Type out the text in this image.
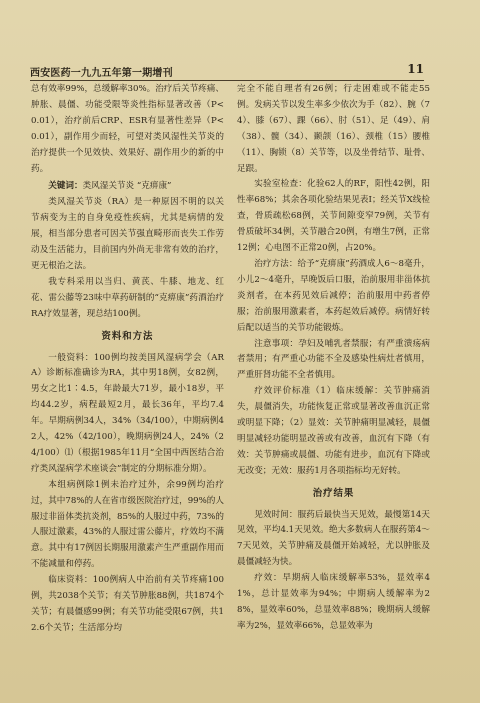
西安医药一九九五年第一期增刊	11

总有效率99%，总缓解率30%。治疗后关节疼痛、肿胀、晨僵、功能受限等炎性指标显著改善（P<0.01），治疗前后CRP、ESR有显著性差异（P<0.01），副作用少而轻，可望对类风湿性关节炎的治疗提供一个见效快、效果好、副作用少的新的中药。

关键词：类风湿关节炎 “克痹康”

类风湿关节炎（RA）是一种原因不明的以关节病变为主的自身免疫性疾病，尤其是病情的发展，相当部分患者可因关节强直畸形而丧失工作劳动及生活能力，目前国内外尚无非常有效的治疗，更无根治之法。

我专科采用以当归、黄芪、牛膝、地龙、红花、雷公藤等23味中草药研制的“克痹康”药酒治疗RA疗效显著，现总结100例。

资料和方法

一般资料：100例均按美国风湿病学会（ARA）诊断标准确诊为RA，其中男18例，女82例，男女之比1∶4.5，年龄最大71岁，最小18岁，平均44.2岁，病程最短2月，最长36年，平均7.4年。早期病例34人，34%（34/100），中期病例42人，42%（42/100），晚期病例24人，24%（24/100）⑴（根据1985年11月“全国中西医结合治疗类风湿病学术座谈会”制定的分期标准分期）。

本组病例除1例未治疗过外，余99例均治疗过，其中78%的人在省市级医院治疗过，99%的人服过非甾体类抗炎剂，85%的人服过中药，73%的人服过激素，43%的人服过雷公藤片，疗效均不满意。其中有17例因长期服用激素产生严重副作用而不能减量和停药。

临床资料：100例病人中治前有关节疼痛100例，共2038个关节；有关节肿胀88例，共1874个关节；有晨僵感99例；有关节功能受限67例，共12.6个关节；生活部分均

完全不能自理者有26例；行走困难或不能走55例。发病关节以发生率多少依次为手（82）、腕（74）、膝（67）、踝（66）、肘（51）、足（49）、肩（38）、髋（34）、颞颌（16）、颈椎（15）腰椎（11）、胸锁（8）关节等，以及坐骨结节、耻骨、足跟。

实验室检查：化验62人的RF，阳性42例，阳性率68%；其余各项化验结果见表Ⅰ；经关节X线检查，骨质疏松68例，关节间隙变窄79例，关节有骨质破坏34例，关节融合20例，有增生7例，正常12例；心电图不正常20例，占20%。

治疗方法：给予“克痹康”药酒成人6～8毫升，小儿2～4毫升，早晚饭后口服，治前服用非甾体抗炎剂者，在本药见效后减停；治前服用中药者停服；治前服用激素者，本药起效后减停。病情好转后配以适当的关节功能锻炼。

注意事项：孕妇及哺乳者禁服；有严重溃疡病者禁用；有严重心功能不全及感染性病灶者慎用，严重肝肾功能不全者慎用。

疗效评价标准（1）临床缓解：关节肿痛消失，晨僵消失，功能恢复正常或显著改善血沉正常或明显下降；（2）显效：关节肿痛明显减轻，晨僵明显减轻功能明显改善或有改善，血沉有下降（有效：关节肿痛或晨僵、功能有进步，血沉有下降或无改变；无效：服药1月各项指标均无好转。

治疗结果

见效时间：服药后最快当天见效，最慢第14天见效，平均4.1天见效。绝大多数病人在服药第4～7天见效，关节肿痛及晨僵开始减轻，尤以肿胀及晨僵减轻为快。

疗效：早期病人临床缓解率53%，显效率41%，总计显效率为94%；中期病人缓解率为28%，显效率60%，总显效率88%；晚期病人缓解率为2%，显效率66%，总显效率为
